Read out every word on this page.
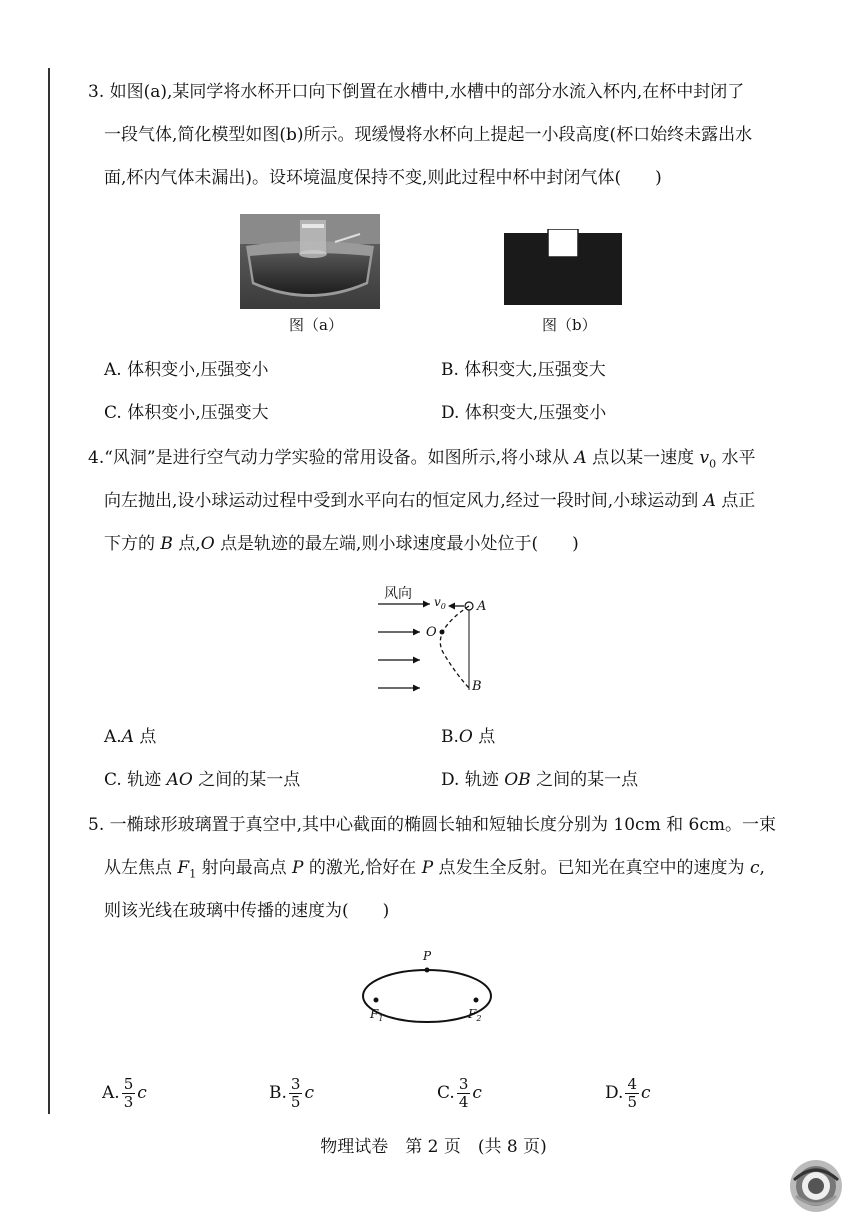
3. 如图(a),某同学将水杯开口向下倒置在水槽中,水槽中的部分水流入杯内,在杯中封闭了
一段气体,简化模型如图(b)所示。现缓慢将水杯向上提起一小段高度(杯口始终未露出水
面,杯内气体未漏出)。设环境温度保持不变,则此过程中杯中封闭气体(　　)
图（a）	图（b）
A. 体积变小,压强变小	B. 体积变大,压强变大
C. 体积变小,压强变大	D. 体积变大,压强变小
4.“风洞”是进行空气动力学实验的常用设备。如图所示,将小球从 A 点以某一速度 $v_0$ 水平
向左抛出,设小球运动过程中受到水平向右的恒定风力,经过一段时间,小球运动到 A 点正
下方的 B 点,O 点是轨迹的最左端,则小球速度最小处位于(　　)
风向 $v_0$ A
O
B
A.A 点	B.O 点
C. 轨迹 AO 之间的某一点	D. 轨迹 OB 之间的某一点
5. 一椭球形玻璃置于真空中,其中心截面的椭圆长轴和短轴长度分别为 10cm 和 6cm。一束
从左焦点 $F_1$ 射向最高点 P 的激光,恰好在 P 点发生全反射。已知光在真空中的速度为 c,
则该光线在玻璃中传播的速度为(　　)
P
$F_1$	$F_2$
A. $\frac{5}{3}$ c	B. $\frac{3}{5}$ c	C. $\frac{3}{4}$ c	D. $\frac{4}{5}$ c
物理试卷　第 2 页　(共 8 页)
